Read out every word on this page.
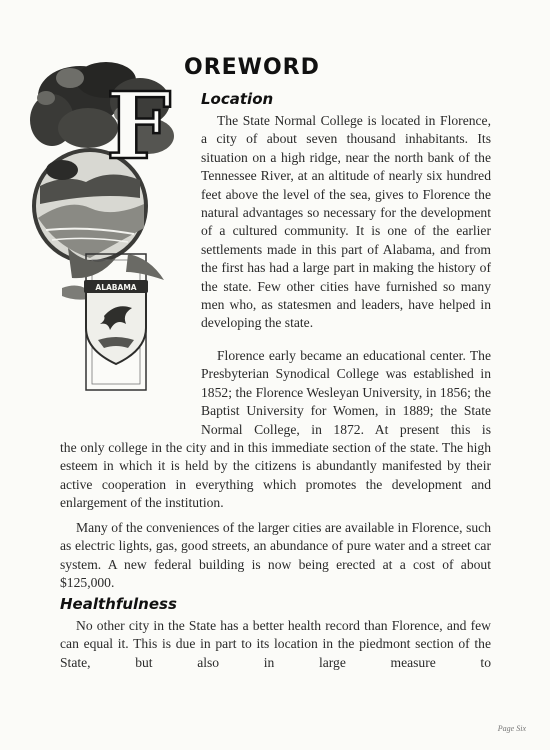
ALABAMA
F
OREWORD
Location

The State Normal College is located in Florence, a city of about seven thousand inhabitants. Its situation on a high ridge, near the north bank of the Tennessee River, at an altitude of nearly six hundred feet above the level of the sea, gives to Florence the natural advantages so necessary for the development of a cultured community. It is one of the earlier settlements made in this part of Alabama, and from the first has had a large part in making the history of the state. Few other cities have furnished so many men who, as statesmen and leaders, have helped in developing the state.

Florence early became an educational center. The Presbyterian Synodical College was established in 1852; the Florence Wesleyan University, in 1856; the Baptist University for Women, in 1889; the State Normal College, in 1872. At present this is

the only college in the city and in this immediate section of the state. The high esteem in which it is held by the citizens is abundantly manifested by their active cooperation in everything which promotes the development and enlargement of the institution.

Many of the conveniences of the larger cities are available in Florence, such as electric lights, gas, good streets, an abundance of pure water and a street car system. A new federal building is now being erected at a cost of about $125,000.

Healthfulness

No other city in the State has a better health record than Florence, and few can equal it. This is due in part to its location in the piedmont section of the State, but also in large measure to

Page Six
